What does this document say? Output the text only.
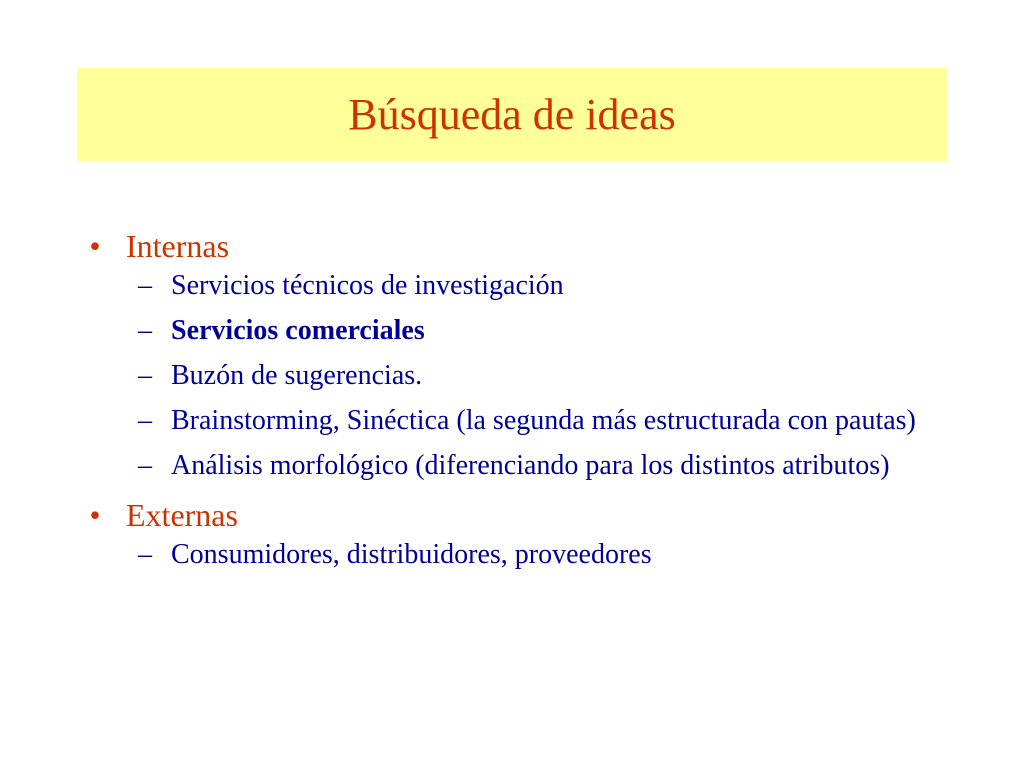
Búsqueda de ideas
• Internas
– Servicios técnicos de investigación
– Servicios comerciales
– Buzón de sugerencias.
– Brainstorming, Sinéctica (la segunda más estructurada con pautas)
– Análisis morfológico (diferenciando para los distintos atributos)
• Externas
– Consumidores, distribuidores, proveedores
